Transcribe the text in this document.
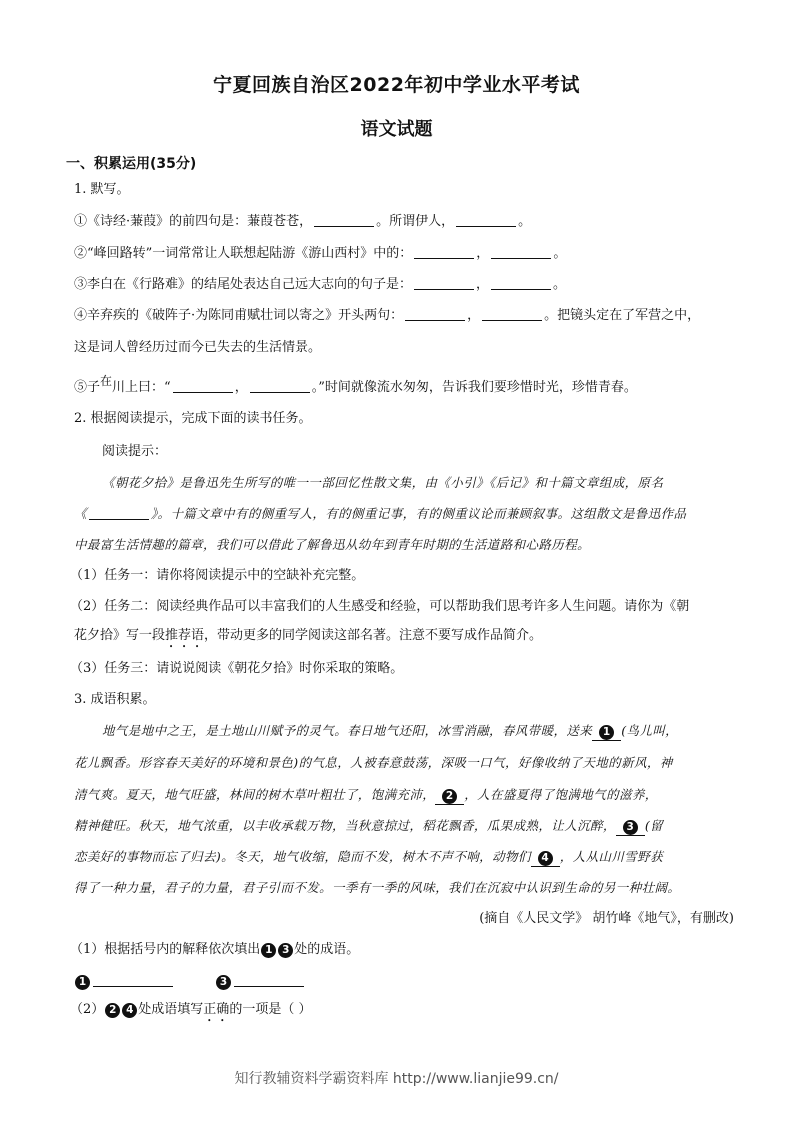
宁夏回族自治区2022年初中学业水平考试
语文试题
一、积累运用(35分)
1. 默写。
①《诗经·蒹葭》的前四句是：蒹葭苍苍，	。所谓伊人，	。
②“峰回路转”一词常常让人联想起陆游《游山西村》中的：	，	。
③李白在《行路难》的结尾处表达自己远大志向的句子是：	，	。
④辛弃疾的《破阵子·为陈同甫赋壮词以寄之》开头两句：	，	。把镜头定在了军营之中，
这是词人曾经历过而今已失去的生活情景。
⑤子在川上曰：“	，	。”时间就像流水匆匆，告诉我们要珍惜时光，珍惜青春。
2. 根据阅读提示，完成下面的读书任务。
阅读提示：
《朝花夕拾》是鲁迅先生所写的唯一一部回忆性散文集，由《小引》《后记》和十篇文章组成，原名
《	》。十篇文章中有的侧重写人，有的侧重记事，有的侧重议论而兼顾叙事。这组散文是鲁迅作品
中最富生活情趣的篇章，我们可以借此了解鲁迅从幼年到青年时期的生活道路和心路历程。
（1）任务一：请你将阅读提示中的空缺补充完整。
（2）任务二：阅读经典作品可以丰富我们的人生感受和经验，可以帮助我们思考许多人生问题。请你为《朝
花夕拾》写一段推荐语，带动更多的同学阅读这部名著。注意不要写成作品简介。
（3）任务三：请说说阅读《朝花夕拾》时你采取的策略。
3. 成语积累。
地气是地中之王，是土地山川赋予的灵气。春日地气还阳，冰雪消融，春风带暖，送来 1 (鸟儿叫，
花儿飘香。形容春天美好的环境和景色)的气息，人被春意鼓荡，深吸一口气，好像收纳了天地的新风，神
清气爽。夏天，地气旺盛，林间的树木草叶粗壮了，饱满充沛， 2 ，人在盛夏得了饱满地气的滋养，
精神健旺。秋天，地气浓重，以丰收承载万物，当秋意掠过，稻花飘香，瓜果成熟，让人沉醉， 3 (留
恋美好的事物而忘了归去)。冬天，地气收缩，隐而不发，树木不声不响，动物们 4 ，人从山川雪野获
得了一种力量，君子的力量，君子引而不发。一季有一季的风味，我们在沉寂中认识到生命的另一种壮阔。
(摘自《人民文学》 胡竹峰《地气》，有删改)
（1）根据括号内的解释依次填出 1 3 处的成语。
1	3
（2） 2 4 处成语填写正确的一项是（ ）
知行教辅资料学霸资料库 http://www.lianjie99.cn/
